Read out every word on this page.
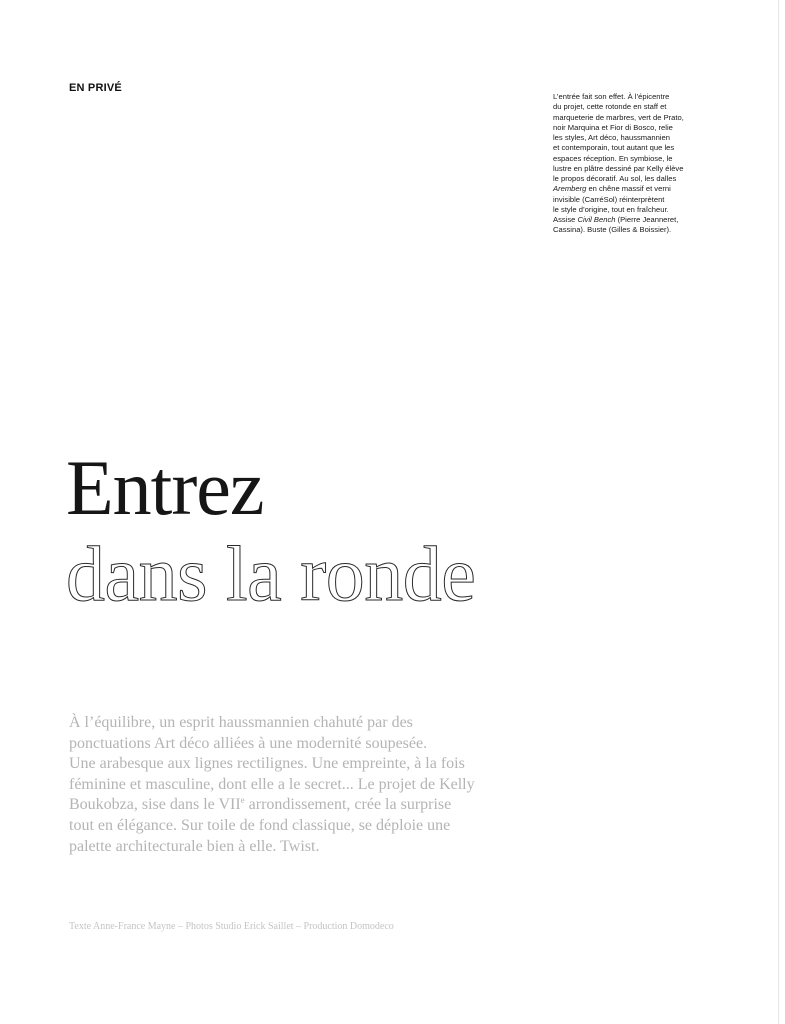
EN PRIVÉ
L’entrée fait son effet. À l’épicentre
du projet, cette rotonde en staff et
marqueterie de marbres, vert de Prato,
noir Marquina et Fior di Bosco, relie
les styles, Art déco, haussmannien
et contemporain, tout autant que les
espaces réception. En symbiose, le
lustre en plâtre dessiné par Kelly élève
le propos décoratif. Au sol, les dalles
Aremberg en chêne massif et verni
invisible (CarréSol) réinterprètent
le style d’origine, tout en fraîcheur.
Assise Civil Bench (Pierre Jeanneret,
Cassina). Buste (Gilles & Boissier).
Entrez
dans la ronde
À l’équilibre, un esprit haussmannien chahuté par des
ponctuations Art déco alliées à une modernité soupesée.
Une arabesque aux lignes rectilignes. Une empreinte, à la fois
féminine et masculine, dont elle a le secret... Le projet de Kelly
Boukobza, sise dans le VIIe arrondissement, crée la surprise
tout en élégance. Sur toile de fond classique, se déploie une
palette architecturale bien à elle. Twist.
Texte Anne-France Mayne – Photos Studio Erick Saillet – Production Domodeco
